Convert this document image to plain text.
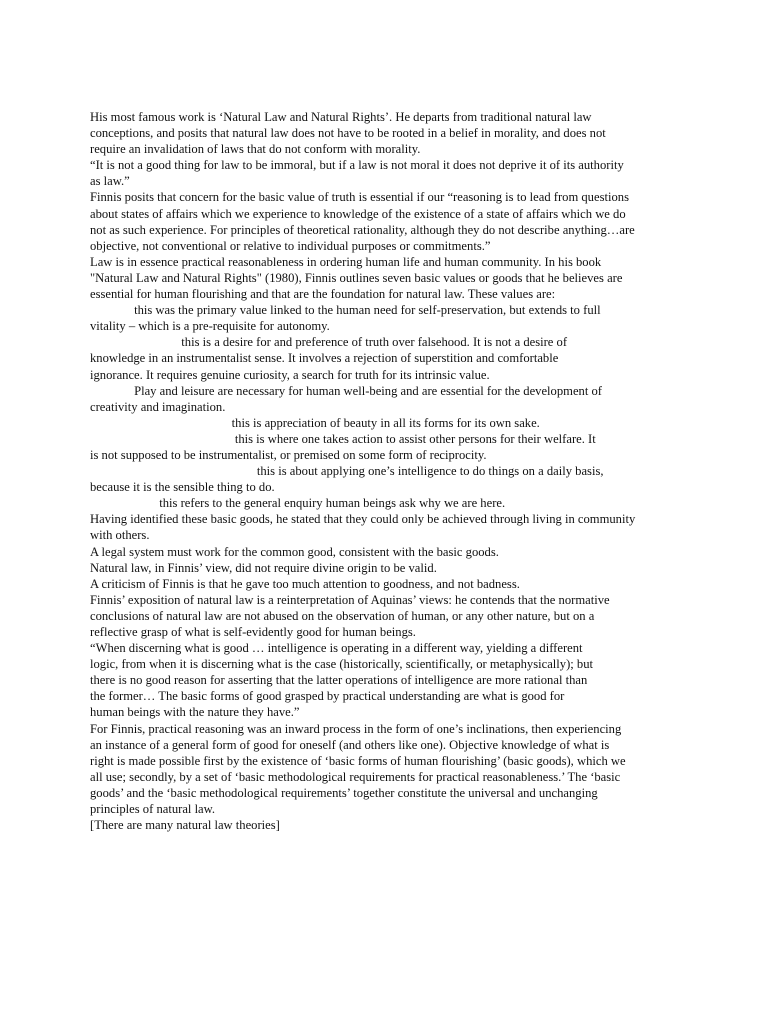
His most famous work is ‘Natural Law and Natural Rights’. He departs from traditional natural law
conceptions, and posits that natural law does not have to be rooted in a belief in morality, and does not
require an invalidation of laws that do not conform with morality.
“It is not a good thing for law to be immoral, but if a law is not moral it does not deprive it of its authority
as law.”
Finnis posits that concern for the basic value of truth is essential if our “reasoning is to lead from questions
about states of affairs which we experience to knowledge of the existence of a state of affairs which we do
not as such experience. For principles of theoretical rationality, although they do not describe anything…are
objective, not conventional or relative to individual purposes or commitments.”
Law is in essence practical reasonableness in ordering human life and human community. In his book
"Natural Law and Natural Rights" (1980), Finnis outlines seven basic values or goods that he believes are
essential for human flourishing and that are the foundation for natural law. These values are:
this was the primary value linked to the human need for self-preservation, but extends to full
vitality – which is a pre-requisite for autonomy.
this is a desire for and preference of truth over falsehood. It is not a desire of
knowledge in an instrumentalist sense. It involves a rejection of superstition and comfortable
ignorance. It requires genuine curiosity, a search for truth for its intrinsic value.
Play and leisure are necessary for human well-being and are essential for the development of
creativity and imagination.
this is appreciation of beauty in all its forms for its own sake.
this is where one takes action to assist other persons for their welfare. It
is not supposed to be instrumentalist, or premised on some form of reciprocity.
this is about applying one’s intelligence to do things on a daily basis,
because it is the sensible thing to do.
this refers to the general enquiry human beings ask why we are here.
Having identified these basic goods, he stated that they could only be achieved through living in community
with others.
A legal system must work for the common good, consistent with the basic goods.
Natural law, in Finnis’ view, did not require divine origin to be valid.
A criticism of Finnis is that he gave too much attention to goodness, and not badness.
Finnis’ exposition of natural law is a reinterpretation of Aquinas’ views: he contends that the normative
conclusions of natural law are not abused on the observation of human, or any other nature, but on a
reflective grasp of what is self-evidently good for human beings.
“When discerning what is good … intelligence is operating in a different way, yielding a different
logic, from when it is discerning what is the case (historically, scientifically, or metaphysically); but
there is no good reason for asserting that the latter operations of intelligence are more rational than
the former… The basic forms of good grasped by practical understanding are what is good for
human beings with the nature they have.”
For Finnis, practical reasoning was an inward process in the form of one’s inclinations, then experiencing
an instance of a general form of good for oneself (and others like one). Objective knowledge of what is
right is made possible first by the existence of ‘basic forms of human flourishing’ (basic goods), which we
all use; secondly, by a set of ‘basic methodological requirements for practical reasonableness.’ The ‘basic
goods’ and the ‘basic methodological requirements’ together constitute the universal and unchanging
principles of natural law.
[There are many natural law theories]
